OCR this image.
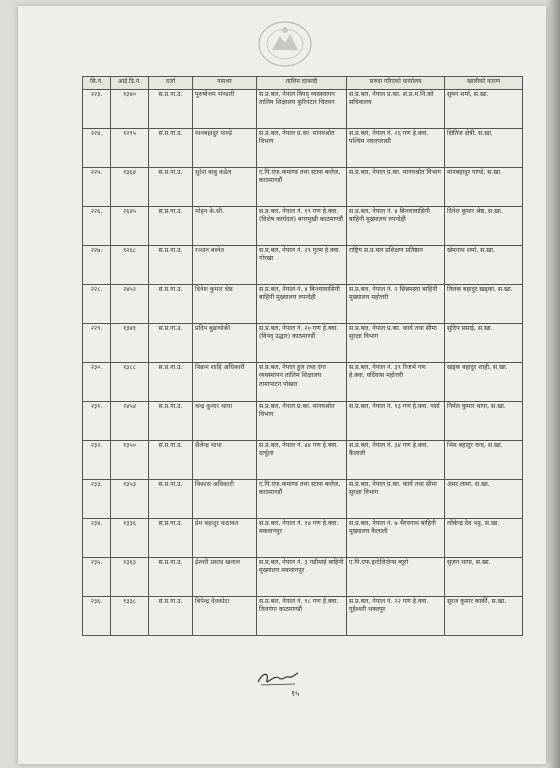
सि.नं.	आई.डि.नं.	दर्जा	नामथर	तालिम दरबन्दी	सरुवा गरिएको कार्यालय	खालीको कारण
२२३.	१३४०	स.प्र.ना.उ.	पुरुषोत्तम भण्डारी	स.प्र.बल, नेपाल विपद् व्यवस्थापन तालिम शिक्षालय कुरिनटार चितवन	स.प्र.बल, नेपाल प्र.का. स.प्र.म.नि.को सचिवालय	सुमन शर्मा, स.खा.
२२४.	१२९५	स.प्र.ना.उ.	मानबहादुर पाण्डे	स.प्र.बल, नेपाल प्र.का. मानवश्रोत विभाग	स.प्र.बल, नेपाल नं. २६ गण हे.क्वा. पश्चिम नवलपरासी	क्षितिज क्षेत्री, स.खा.
२२५.	१३६४	स.प्र.ना.उ.	सुरेश बाबु कडेल	ए.पि.एफ.कमाण्ड तथा स्टाफ कलेज, काठमाण्डौं	स.प्र.बल, नेपाल प्र.का. मानवश्रोत विभाग	मानबहादुर पाण्डे, स.खा.
२२६.	२६४५	स.प्र.ना.उ.	मोहन के.सी.	स.प्र.बल, नेपाल नं. १९ गण हे.क्वा. (विशेष कार्यदल) बगरमुखी काठमाण्डौं	स.प्र.बल, नेपाल नं. ४ बिन्ध्यावासिनी बाहिनी मुख्यालय रुपन्देही	दिनेश कुमार श्रेष्ठ, स.खा.
२२७.	१२६८	स.प्र.ना.उ.	रञ्जन बस्नेत	स.प्र.बल, नेपाल नं. २९ गुल्म हे.क्वा. गोरखा	राष्ट्रिय स.प्र.बल प्रशिक्षण प्रतिष्ठान	खेमनाथ शर्मा, स.खा.
२२८.	२४५२	स.प्र.ना.उ.	दिनेश कुमार श्रेष्ठ	स.प्र.बल, नेपाल नं. ४ बिन्ध्यावासिनी बाहिनी मुख्यालय रुपन्देही	स.प्र.बल, नेपाल नं. २ छिन्नमस्ता बाहिनी मुख्यालय महोत्तरी	तिलक बहादुर खड्का, स.खा.
२२९.	१३४१	स.प्र.ना.उ.	प्रदिप बुढाथोकी	स.प्र.बल, नेपाल नं. २० गण हे.क्वा. (विपद् उद्धार) काठमाण्डौं	स.प्र.बल, नेपाल प्र.का. कार्य तथा सीमा सुरक्षा विभाग	सुदिप प्रसाई, स.खा.
२३०.	१३८८	स.प्र.ना.उ.	विक्रम शाहि अधिकारी	स.प्र.बल, नेपाल हुल तथा दंगा व्यवस्थापन तालिम शिक्षालय तामापाटन पोखरा	स.प्र.बल, नेपाल नं. ३९ रिजर्भ गण हे.क्वा. वर्दिवास महोत्तरी	खड्क बहादुर शाही, स.खा.
२३१.	२४५४	स.प्र.ना.उ.	चन्द्र कुमार थापा	स.प्र.बल, नेपाल प्र.का. मानवश्रोत विभाग	स.प्र.बल, नेपाल नं. १३ गण हे.क्वा. पर्सा	निर्मल कुमार थापा, स.खा.
२३२.	१३५०	स.प्र.ना.उ.	शैलेन्द्र थापा	स.प्र.बल, नेपाल नं. ४४ गण हे.क्वा. दार्चुला	स.प्र.बल, नेपाल नं. ३४ गण हे.क्वा. कैलाली	भिम बहादुर चन्द, स.खा.
२३३.	१३५३	स.प्र.ना.उ.	विकास अधिकारी	ए.पि.एफ.कमाण्ड तथा स्टाफ कलेज, काठमाण्डौं	स.प्र.बल, नेपाल प्र.का. कार्य तथा सीमा सुरक्षा विभाग	अमर लामा, स.खा.
२३४.	१३३६	स.प्र.ना.उ.	प्रेम बहादुर कठायत	स.प्र.बल, नेपाल नं. १४ गण हे.क्वा. मकवानपुर	स.प्र.बल, नेपाल नं. ७ भैरवनाथ बाहिनी मुख्यालय कैलाली	लोकेन्द्र देव भट्ट, स.खा.
२३५.	१३६३	स.प्र.ना.उ.	ईश्वरी प्रसाद खनाल	स.प्र.बल, नेपाल नं. ३ गढीमाई बाहिनी मुख्यालय मकवानपुर	ए.पि.एफ.इन्टेलिजेन्स ब्यूरो	सुजन थापा, स.खा.
२३६.	१३३८	स.प्र.ना.उ.	बिपेन्द्र देवकोटा	स.प्र.बल, नेपाल नं. १८ गण हे.क्वा. तिलगंगा काठमाण्डौं	स.प्र.बल, नेपाल नं. २२ गण हे.क्वा. गुहेश्वरी भक्तपुर	सुरज कुमार कार्की, स.खा.
१५
